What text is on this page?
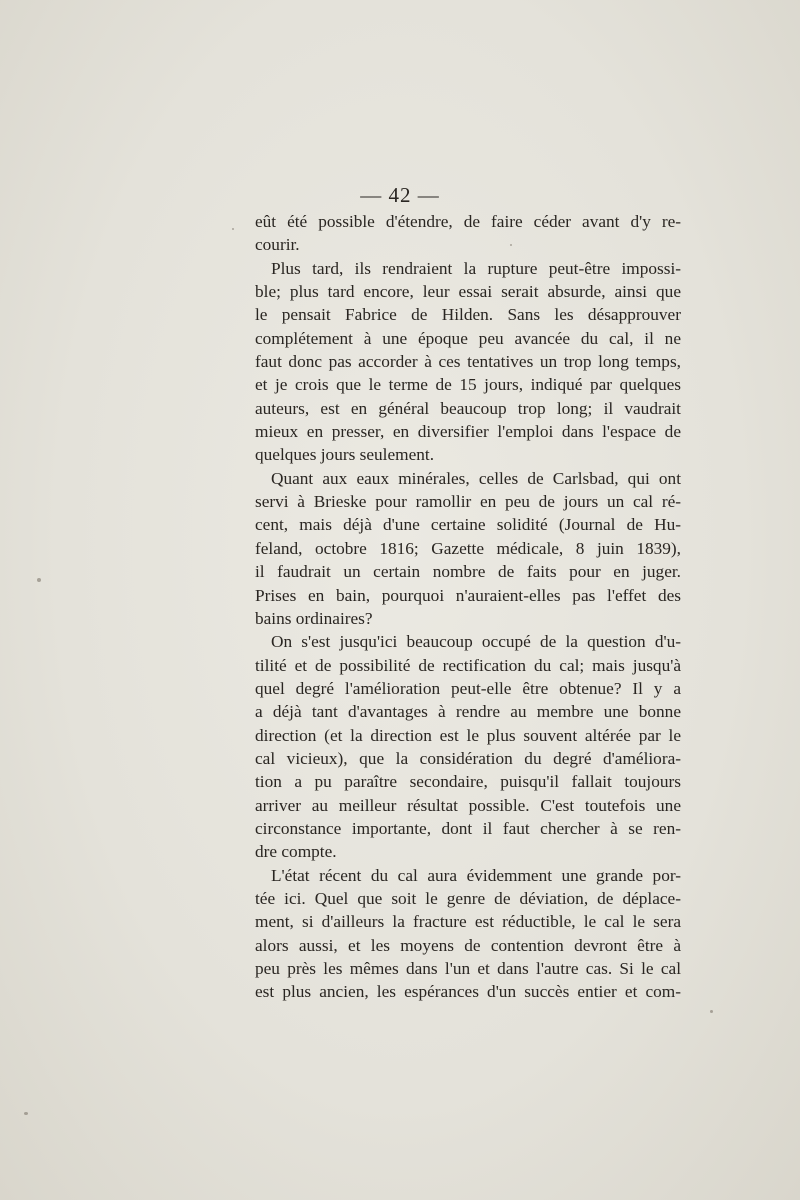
— 42 —
eût été possible d'étendre, de faire céder avant d'y re-
courir.
Plus tard, ils rendraient la rupture peut-être impossi-
ble; plus tard encore, leur essai serait absurde, ainsi que
le pensait Fabrice de Hilden. Sans les désapprouver
complétement à une époque peu avancée du cal, il ne
faut donc pas accorder à ces tentatives un trop long temps,
et je crois que le terme de 15 jours, indiqué par quelques
auteurs, est en général beaucoup trop long; il vaudrait
mieux en presser, en diversifier l'emploi dans l'espace de
quelques jours seulement.
Quant aux eaux minérales, celles de Carlsbad, qui ont
servi à Brieske pour ramollir en peu de jours un cal ré-
cent, mais déjà d'une certaine solidité (Journal de Hu-
feland, octobre 1816; Gazette médicale, 8 juin 1839),
il faudrait un certain nombre de faits pour en juger.
Prises en bain, pourquoi n'auraient-elles pas l'effet des
bains ordinaires?
On s'est jusqu'ici beaucoup occupé de la question d'u-
tilité et de possibilité de rectification du cal; mais jusqu'à
quel degré l'amélioration peut-elle être obtenue? Il y a
a déjà tant d'avantages à rendre au membre une bonne
direction (et la direction est le plus souvent altérée par le
cal vicieux), que la considération du degré d'améliora-
tion a pu paraître secondaire, puisqu'il fallait toujours
arriver au meilleur résultat possible. C'est toutefois une
circonstance importante, dont il faut chercher à se ren-
dre compte.
L'état récent du cal aura évidemment une grande por-
tée ici. Quel que soit le genre de déviation, de déplace-
ment, si d'ailleurs la fracture est réductible, le cal le sera
alors aussi, et les moyens de contention devront être à
peu près les mêmes dans l'un et dans l'autre cas. Si le cal
est plus ancien, les espérances d'un succès entier et com-
